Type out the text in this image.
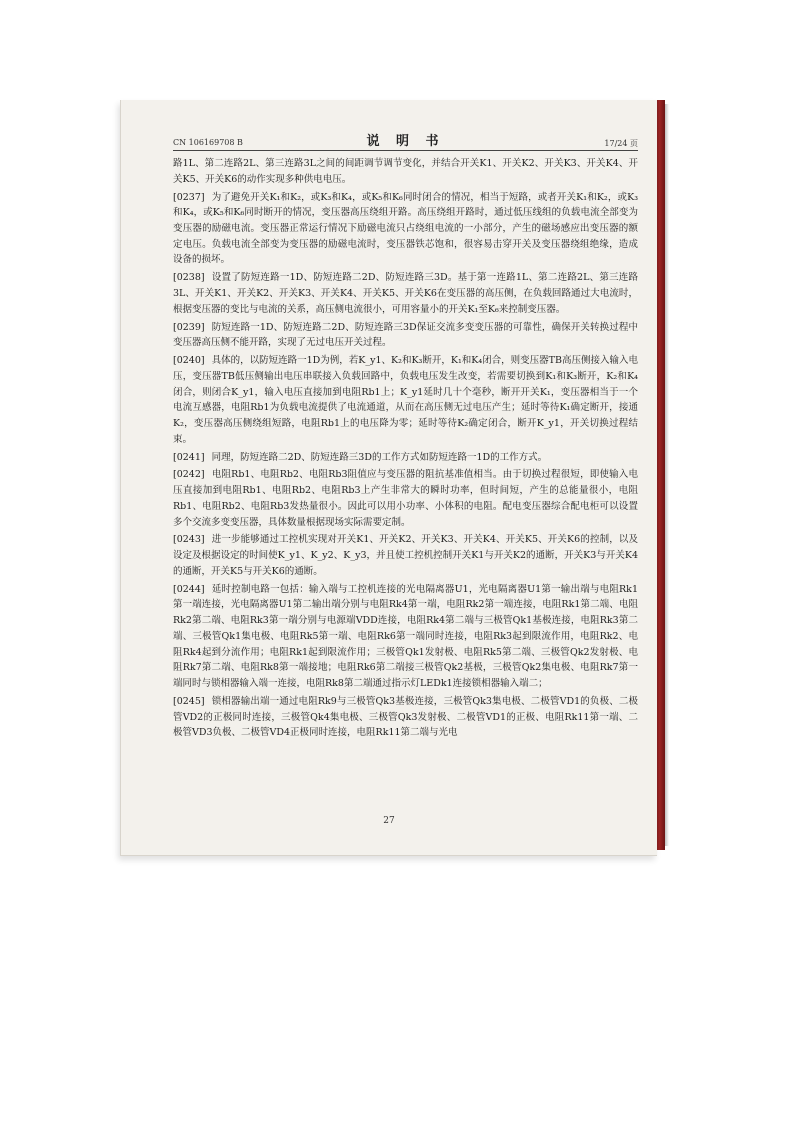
CN 106169708 B	说 明 书	17/24 页

路1L、第二连路2L、第三连路3L之间的间距调节调节变化，并结合开关K1、开关K2、开关K3、开关K4、开关K5、开关K6的动作实现多种供电电压。

[0237] 为了避免开关K₁和K₂，或K₃和K₄，或K₅和K₆同时闭合的情况，相当于短路，或者开关K₁和K₂，或K₃和K₄，或K₅和K₆同时断开的情况，变压器高压绕组开路。高压绕组开路时，通过低压线组的负载电流全部变为变压器的励磁电流。变压器正常运行情况下励磁电流只占绕组电流的一小部分，产生的磁场感应出变压器的额定电压。负载电流全部变为变压器的励磁电流时，变压器铁芯饱和，很容易击穿开关及变压器绕组绝缘，造成设备的损坏。

[0238] 设置了防短连路一1D、防短连路二2D、防短连路三3D。基于第一连路1L、第二连路2L、第三连路3L、开关K1、开关K2、开关K3、开关K4、开关K5、开关K6在变压器的高压侧，在负载回路通过大电流时，根据变压器的变比与电流的关系，高压侧电流很小，可用容量小的开关K₁至K₆来控制变压器。

[0239] 防短连路一1D、防短连路二2D、防短连路三3D保证交流多变变压器的可靠性，确保开关转换过程中变压器高压侧不能开路，实现了无过电压开关过程。

[0240] 具体的，以防短连路一1D为例，若K_y1、K₂和K₃断开，K₁和K₄闭合，则变压器TB高压侧接入输入电压，变压器TB低压侧输出电压串联接入负载回路中，负载电压发生改变，若需要切换到K₁和K₃断开，K₂和K₄闭合，则闭合K_y1，输入电压直接加到电阻Rb1上；K_y1延时几十个毫秒，断开开关K₁，变压器相当于一个电流互感器，电阻Rb1为负载电流提供了电流通道，从而在高压侧无过电压产生；延时等待K₁确定断开，接通K₂，变压器高压侧绕组短路，电阻Rb1上的电压降为零；延时等待K₂确定闭合，断开K_y1，开关切换过程结束。

[0241] 同理，防短连路二2D、防短连路三3D的工作方式如防短连路一1D的工作方式。

[0242] 电阻Rb1、电阻Rb2、电阻Rb3阻值应与变压器的阻抗基准值相当。由于切换过程很短，即使输入电压直接加到电阻Rb1、电阻Rb2、电阻Rb3上产生非常大的瞬时功率，但时间短，产生的总能量很小，电阻Rb1、电阻Rb2、电阻Rb3发热量很小。因此可以用小功率、小体积的电阻。配电变压器综合配电柜可以设置多个交流多变变压器，具体数量根据现场实际需要定制。

[0243] 进一步能够通过工控机实现对开关K1、开关K2、开关K3、开关K4、开关K5、开关K6的控制，以及设定及根据设定的时间使K_y1、K_y2、K_y3，并且使工控机控制开关K1与开关K2的通断，开关K3与开关K4的通断，开关K5与开关K6的通断。

[0244] 延时控制电路一包括：输入端与工控机连接的光电隔离器U1，光电隔离器U1第一输出端与电阻Rk1第一端连接，光电隔离器U1第二输出端分别与电阻Rk4第一端，电阻Rk2第一端连接，电阻Rk1第二端、电阻Rk2第二端、电阻Rk3第一端分别与电源端VDD连接，电阻Rk4第二端与三极管Qk1基极连接，电阻Rk3第二端、三极管Qk1集电极、电阻Rk5第一端、电阻Rk6第一端同时连接，电阻Rk3起到限流作用，电阻Rk2、电阻Rk4起到分流作用；电阻Rk1起到限流作用；三极管Qk1发射极、电阻Rk5第二端、三极管Qk2发射极、电阻Rk7第二端、电阻Rk8第一端接地；电阻Rk6第二端接三极管Qk2基极，三极管Qk2集电极、电阻Rk7第一端同时与锁相器输入端一连接，电阻Rk8第二端通过指示灯LEDk1连接锁相器输入端二；

[0245] 锁相器输出端一通过电阻Rk9与三极管Qk3基极连接，三极管Qk3集电极、二极管VD1的负极、二极管VD2的正极同时连接，三极管Qk4集电极、三极管Qk3发射极、二极管VD1的正极、电阻Rk11第一端、二极管VD3负极、二极管VD4正极同时连接，电阻Rk11第二端与光电

27
